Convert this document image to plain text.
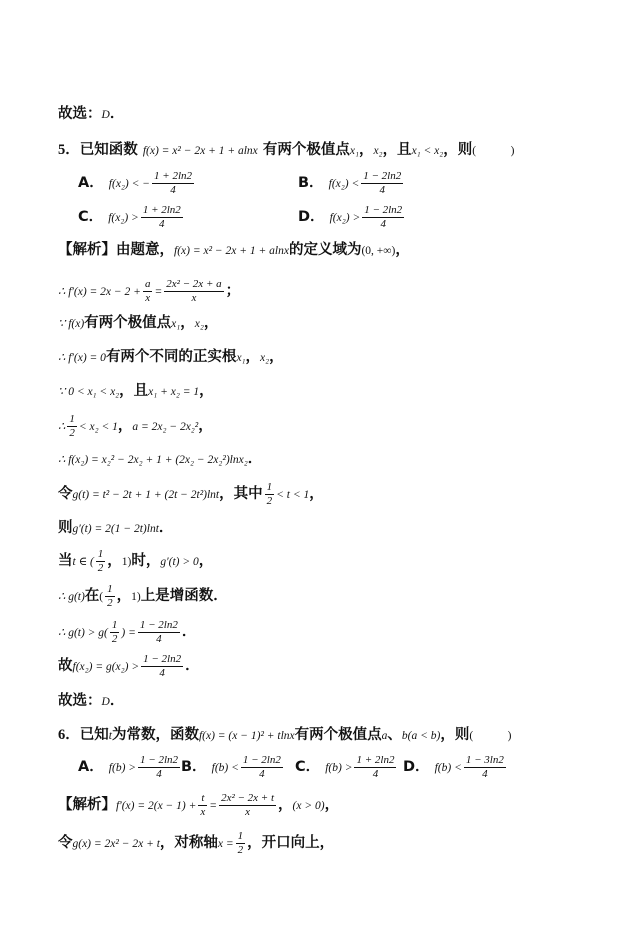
故选：D．
5．已知函数 f(x) = x² − 2x + 1 + alnx 有两个极值点x₁，x₂，且x₁ < x₂，则(　　　)
A． f(x₂) < − $\frac{1 + 2\ln 2}{4}$	B． $f(x_2) < \frac{1 - 2\ln 2}{4}$
C． $f(x_2) > \frac{1 + 2\ln 2}{4}$	D． $f(x_2) > \frac{1 - 2\ln 2}{4}$
【解析】由题意，f(x) = x² − 2x + 1 + alnx的定义域为(0, +∞)，
∴ $f'(x) = 2x - 2 + \frac{a}{x} = \frac{\text{2x² − 2x + a}}{x}$ ；
∵ f(x)有两个极值点x₁，x₂，
∴ f′(x) = 0有两个不同的正实根x₁，x₂，
∵ 0 < x₁ < x₂，且x₁ + x₂ = 1，
∴ $\frac{1}{2} < x_2 < 1$，a = 2x₂ − 2x₂²，
∴ f(x₂) = x₂² − 2x₂ + 1 + (2x₂ − 2x₂²)lnx₂．
令g(t) = t² − 2t + 1 + (2t − 2t²)lnt，其中 $\frac{1}{2} < t < 1$，
则g′(t) = 2(1 − 2t)lnt．
当t ∈ ( $\frac{1}{2}$ ，1)时，g′(t) > 0，
∴ g(t)在( $\frac{1}{2}$ ，1)上是增函数．
∴ $g(t) > g( \frac{1}{2}$ ) = $\frac{1 - 2\ln 2}{4}$ ．
故$f(x_2) = g(x_2) > \frac{1 - 2\ln 2}{4}$ ．
故选：D．
6．已知t为常数，函数f(x) = (x − 1)² + tlnx有两个极值点a、b(a < b)，则(　　　)
A． $f(b) > \frac{1 - 2\ln 2}{4}$ B． $f(b) < \frac{1 - 2\ln 2}{4}$ C． $f(b) > \frac{1 + 2\ln 2}{4}$ D． $f(b) < \frac{1 - 3\ln 2}{4}$
【解析】$f'(x) = 2(x - 1) + \frac{t}{x} = \frac{\text{2x² − 2x + t}}{x}$ ，(x > 0)，
令g(x) = 2x² − 2x + t，对称轴$x = \frac{1}{2}$ ，开口向上，
